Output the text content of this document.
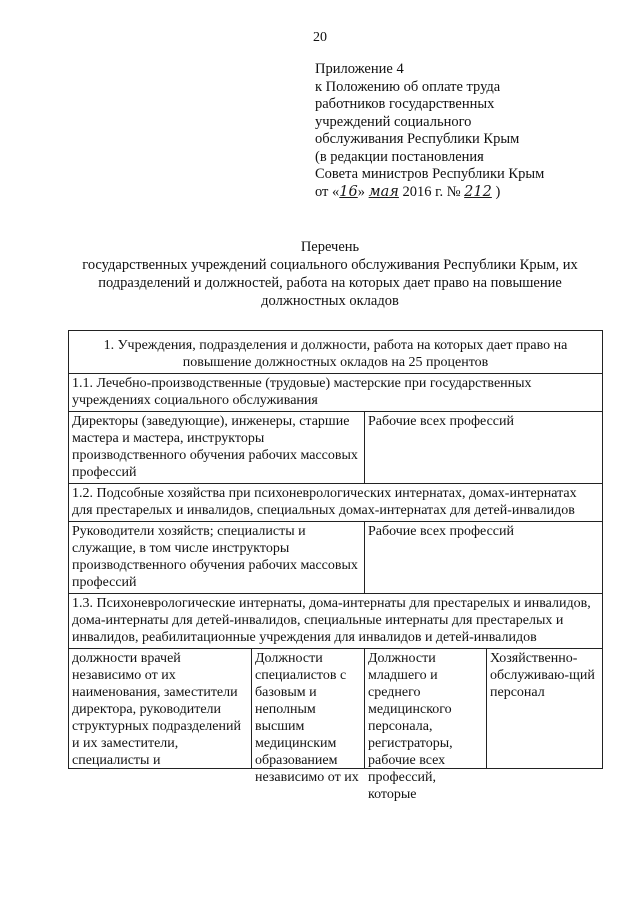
20
Приложение 4
к Положению об оплате труда
работников государственных
учреждений социального
обслуживания Республики Крым
(в редакции постановления
Совета министров Республики Крым
от «16» мая 2016 г. № 212 )
Перечень
государственных учреждений социального обслуживания Республики Крым, их
подразделений и должностей, работа на которых дает право на повышение
должностных окладов
1. Учреждения, подразделения и должности, работа на которых дает право на повышение должностных окладов на 25 процентов			
1.1. Лечебно-производственные (трудовые) мастерские при государственных учреждениях социального обслуживания			
Директоры (заведующие), инженеры, старшие мастера и мастера, инструкторы производственного обучения рабочих массовых профессий		Рабочие всех профессий	
1.2. Подсобные хозяйства при психоневрологических интернатах, домах-интернатах для престарелых и инвалидов, специальных домах-интернатах для детей-инвалидов			
Руководители хозяйств; специалисты и служащие, в том числе инструкторы производственного обучения рабочих массовых профессий		Рабочие всех профессий	
1.3. Психоневрологические интернаты, дома-интернаты для престарелых и инвалидов, дома-интернаты для детей-инвалидов, специальные интернаты для престарелых и инвалидов, реабилитационные учреждения для инвалидов и детей-инвалидов			

должности врачей независимо от их наименования, заместители директора, руководители структурных подразделений и их заместители, специалисты и	Должности специалистов с базовым и неполным высшим медицинским образованием независимо от их	Должности младшего и среднего медицинского персонала, регистраторы, рабочие всех профессий, которые	Хозяйственно-обслуживаю-щий персонал
